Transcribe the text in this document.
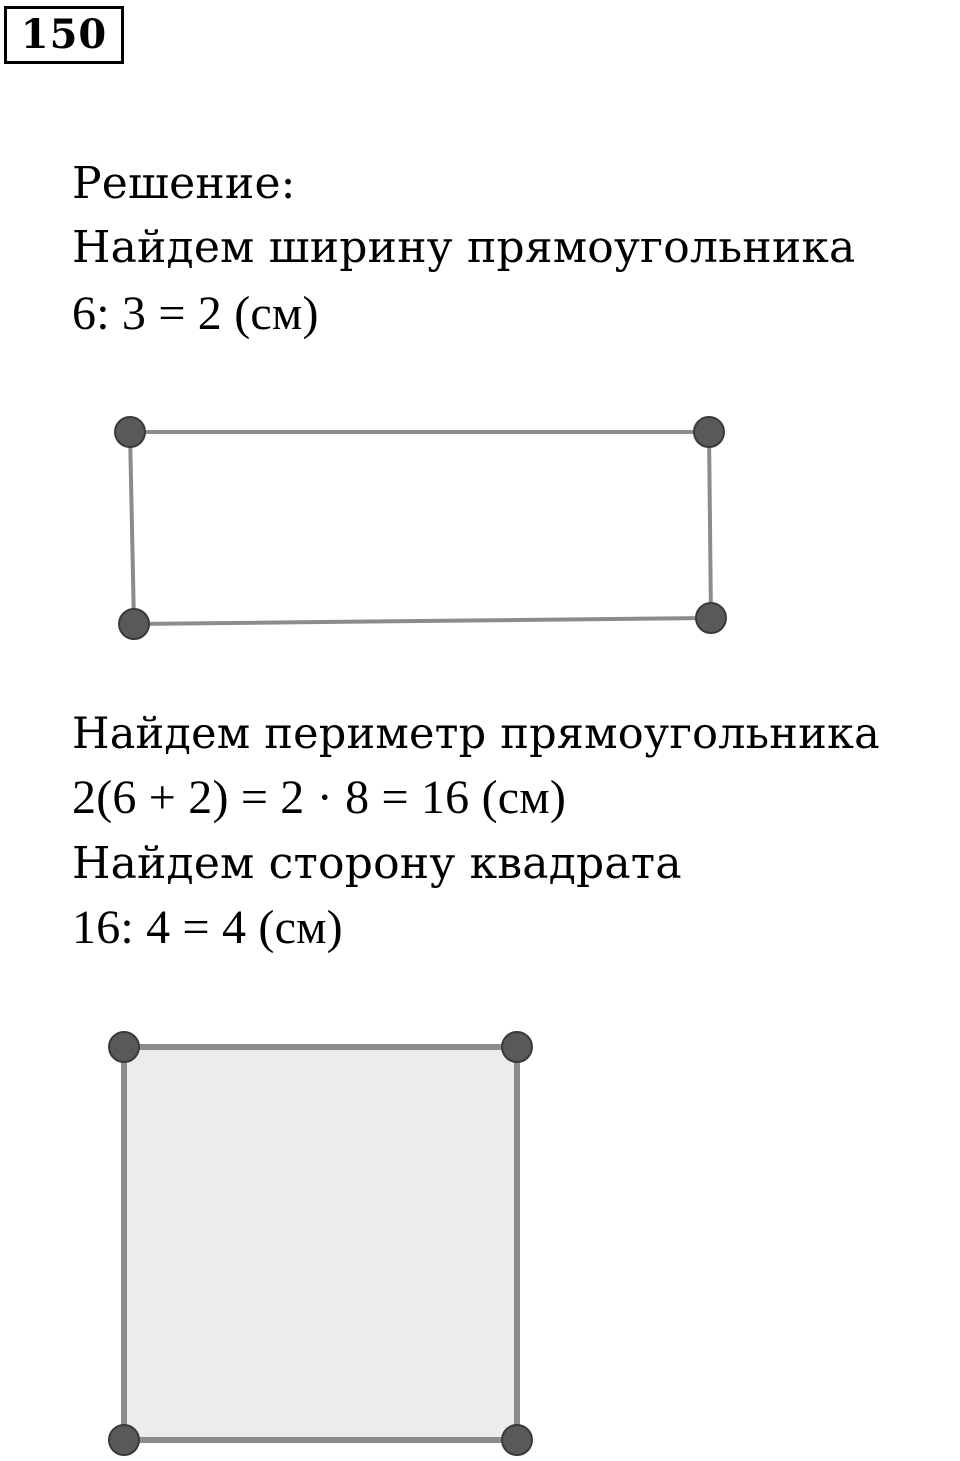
150
Решение:
Найдем ширину прямоугольника
6: 3 = 2 (см)
Найдем периметр прямоугольника
2(6 + 2) = 2 · 8 = 16 (см)
Найдем сторону квадрата
16: 4 = 4 (см)
